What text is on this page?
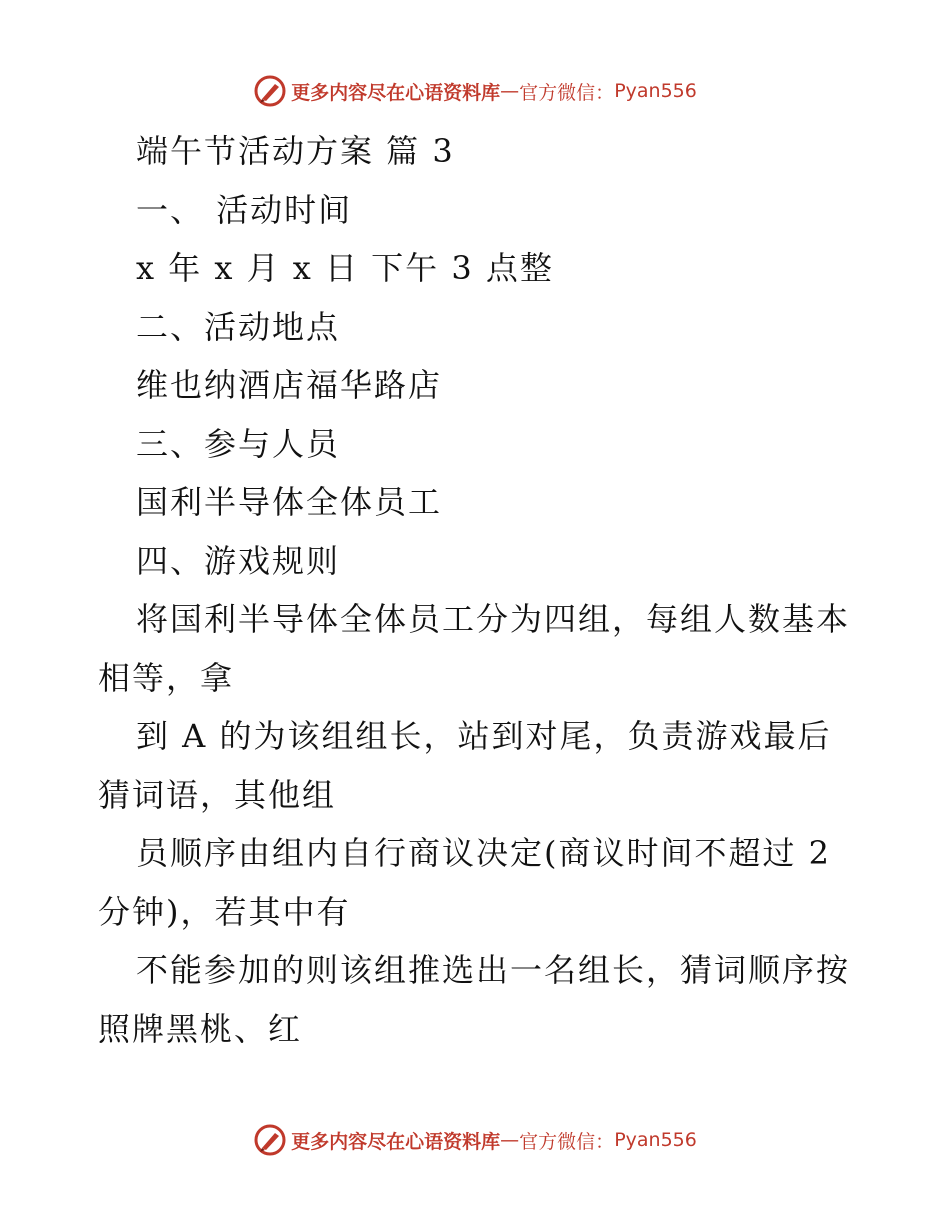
更多内容尽在心语资料库 — 官方微信： Pyan556
端午节活动方案 篇 3
一、 活动时间
x 年 x 月 x 日 下午 3 点整
二、活动地点
维也纳酒店福华路店
三、参与人员
国利半导体全体员工
四、游戏规则
将国利半导体全体员工分为四组，每组人数基本相等，拿
到 A 的为该组组长，站到对尾，负责游戏最后猜词语，其他组
员顺序由组内自行商议决定(商议时间不超过 2 分钟)，若其中有
不能参加的则该组推选出一名组长，猜词顺序按照牌黑桃、红
更多内容尽在心语资料库 — 官方微信： Pyan556
